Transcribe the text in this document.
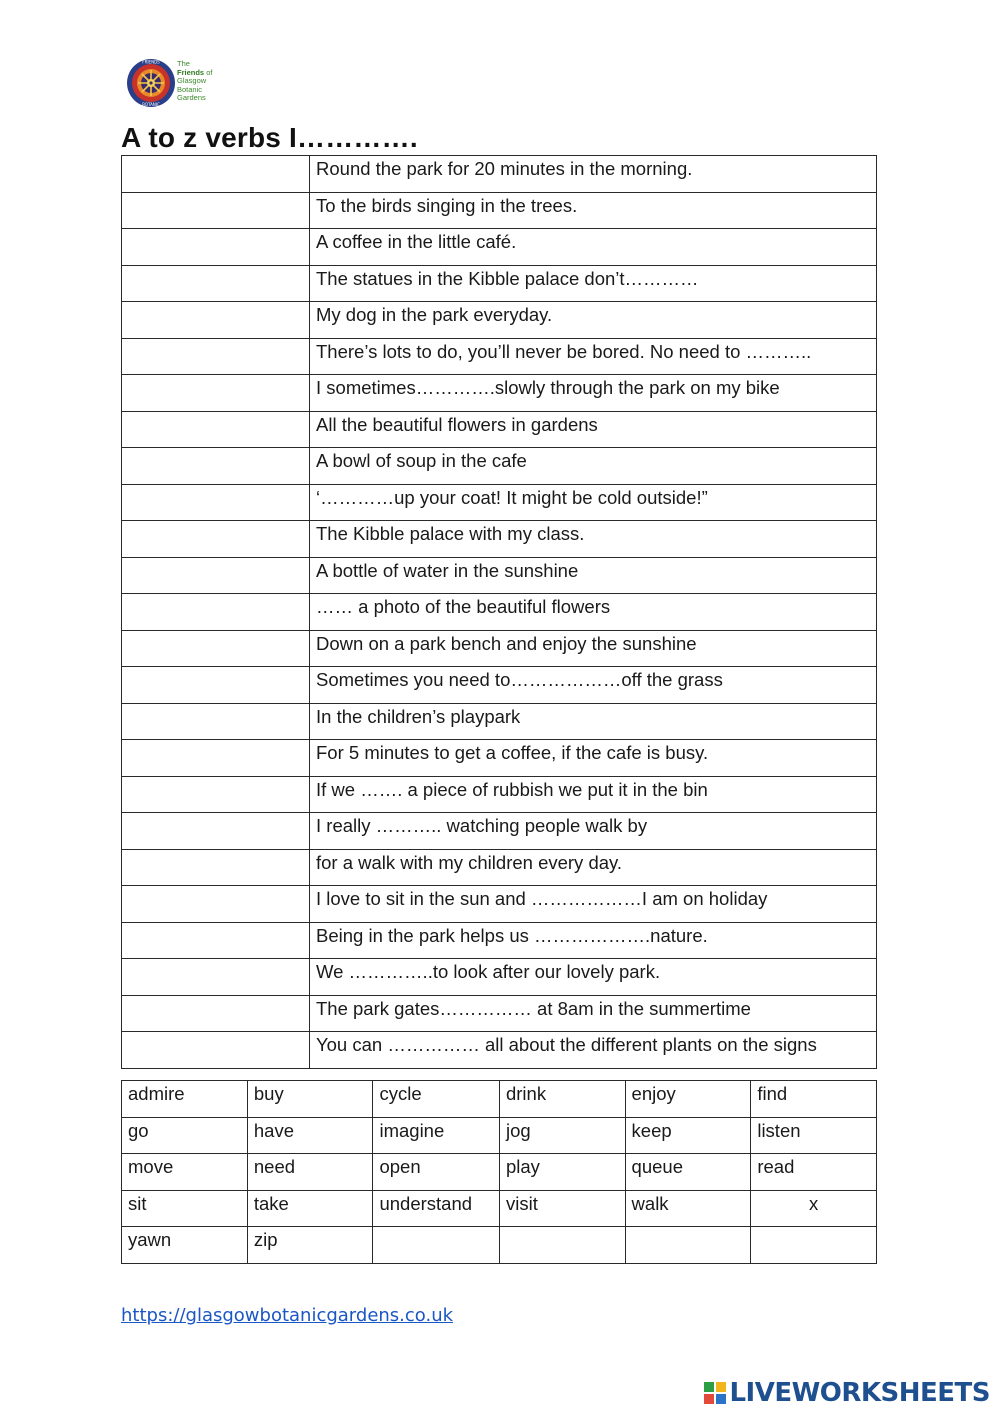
FRIENDS
BOTANIC
The
Friends of
Glasgow
Botanic
Gardens
A to z verbs I………….
	Round the park for 20 minutes in the morning.
	To the birds singing in the trees.
	A coffee in the little café.
	The statues in the Kibble palace don’t…………
	My dog in the park everyday.
	There’s lots to do, you’ll never be bored. No need to ………..
	I sometimes………….slowly through the park on my bike
	All the beautiful flowers in gardens
	A bowl of soup in the cafe
	‘…………up your coat! It might be cold outside!”
	The Kibble palace with my class.
	A bottle of water in the sunshine
	…… a photo of the beautiful flowers
	Down on a park bench and enjoy the sunshine
	Sometimes you need to………………off the grass
	In the children’s playpark
	For 5 minutes to get a coffee, if the cafe is busy.
	If we ……. a piece of rubbish we put it in the bin
	I really ……….. watching people walk by
	for a walk with my children every day.
	I love to sit in the sun and ………………I am on holiday
	Being in the park helps us ……………….nature.
	We …………..to look after our lovely park.
	The park gates…………… at 8am in the summertime
	You can …………… all about the different plants on the signs
admire	buy	cycle	drink	enjoy	find
go	have	imagine	jog	keep	listen
move	need	open	play	queue	read
sit	take	understand	visit	walk	x
yawn	zip				
https://glasgowbotanicgardens.co.uk
LIVEWORKSHEETS
